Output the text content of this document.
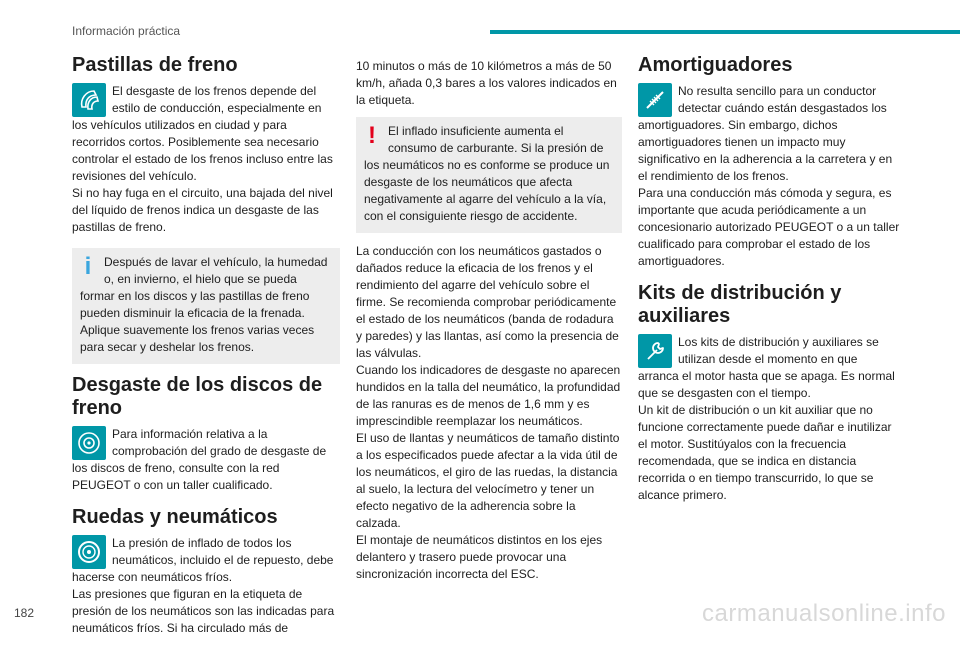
Información práctica
Pastillas de freno

El desgaste de los frenos depende del estilo de conducción, especialmente en los vehículos utilizados en ciudad y para recorridos cortos. Posiblemente sea necesario controlar el estado de los frenos incluso entre las revisiones del vehículo.

Si no hay fuga en el circuito, una bajada del nivel del líquido de frenos indica un desgaste de las pastillas de freno.

i	Después de lavar el vehículo, la humedad o, en invierno, el hielo que se pueda formar en los discos y las pastillas de freno pueden disminuir la eficacia de la frenada. Aplique suavemente los frenos varias veces para secar y deshelar los frenos.

Desgaste de los discos de freno

Para información relativa a la comprobación del grado de desgaste de los discos de freno, consulte con la red PEUGEOT o con un taller cualificado.

Ruedas y neumáticos

La presión de inflado de todos los neumáticos, incluido el de repuesto, debe hacerse con neumáticos fríos.

Las presiones que figuran en la etiqueta de presión de los neumáticos son las indicadas para neumáticos fríos. Si ha circulado más de

10 minutos o más de 10 kilómetros a más de 50 km/h, añada 0,3 bares a los valores indicados en la etiqueta.

!	El inflado insuficiente aumenta el consumo de carburante. Si la presión de los neumáticos no es conforme se produce un desgaste de los neumáticos que afecta negativamente al agarre del vehículo a la vía, con el consiguiente riesgo de accidente.

La conducción con los neumáticos gastados o dañados reduce la eficacia de los frenos y el rendimiento del agarre del vehículo sobre el firme. Se recomienda comprobar periódicamente el estado de los neumáticos (banda de rodadura y paredes) y las llantas, así como la presencia de las válvulas.

Cuando los indicadores de desgaste no aparecen hundidos en la talla del neumático, la profundidad de las ranuras es de menos de 1,6 mm y es imprescindible reemplazar los neumáticos.

El uso de llantas y neumáticos de tamaño distinto a los especificados puede afectar a la vida útil de los neumáticos, el giro de las ruedas, la distancia al suelo, la lectura del velocímetro y tener un efecto negativo de la adherencia sobre la calzada.

El montaje de neumáticos distintos en los ejes delantero y trasero puede provocar una sincronización incorrecta del ESC.

Amortiguadores

No resulta sencillo para un conductor detectar cuándo están desgastados los amortiguadores. Sin embargo, dichos amortiguadores tienen un impacto muy significativo en la adherencia a la carretera y en el rendimiento de los frenos.

Para una conducción más cómoda y segura, es importante que acuda periódicamente a un concesionario autorizado PEUGEOT o a un taller cualificado para comprobar el estado de los amortiguadores.

Kits de distribución y auxiliares

Los kits de distribución y auxiliares se utilizan desde el momento en que arranca el motor hasta que se apaga. Es normal que se desgasten con el tiempo.

Un kit de distribución o un kit auxiliar que no funcione correctamente puede dañar e inutilizar el motor. Sustitúyalos con la frecuencia recomendada, que se indica en distancia recorrida o en tiempo transcurrido, lo que se alcance primero.

182	carmanualsonline.info
